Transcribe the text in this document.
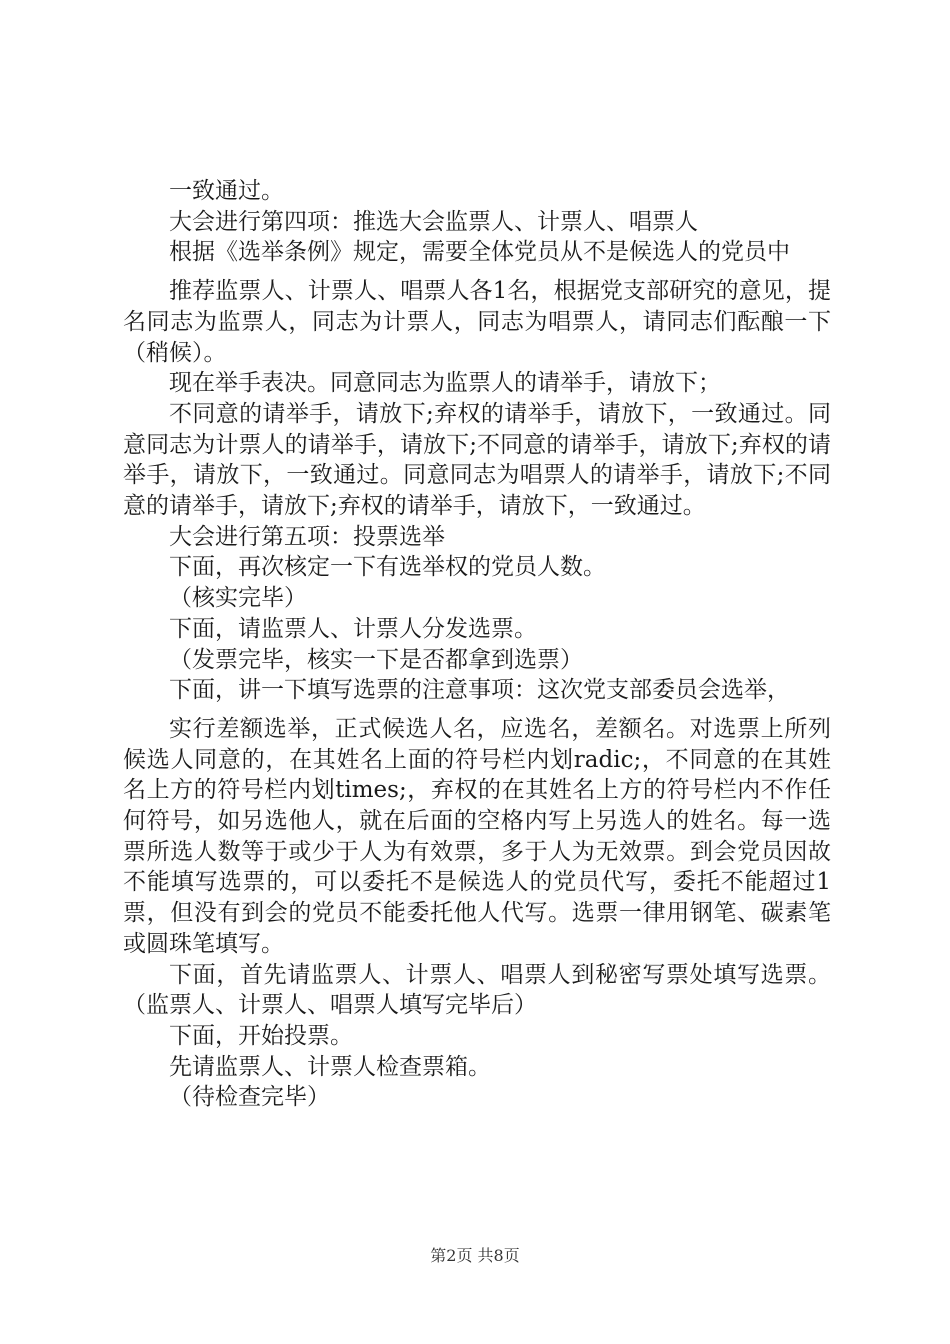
一致通过。

大会进行第四项：推选大会监票人、计票人、唱票人

根据《选举条例》规定，需要全体党员从不是候选人的党员中

推荐监票人、计票人、唱票人各1名，根据党支部研究的意见，提名同志为监票人，同志为计票人，同志为唱票人，请同志们酝酿一下（稍候）。

现在举手表决。同意同志为监票人的请举手，请放下；

不同意的请举手，请放下;弃权的请举手，请放下，一致通过。同意同志为计票人的请举手，请放下;不同意的请举手，请放下;弃权的请举手，请放下，一致通过。同意同志为唱票人的请举手，请放下;不同意的请举手，请放下;弃权的请举手，请放下，一致通过。

大会进行第五项：投票选举

下面，再次核定一下有选举权的党员人数。

（核实完毕）

下面，请监票人、计票人分发选票。

（发票完毕，核实一下是否都拿到选票）

下面，讲一下填写选票的注意事项：这次党支部委员会选举，

实行差额选举，正式候选人名，应选名，差额名。对选票上所列候选人同意的，在其姓名上面的符号栏内划radic;，不同意的在其姓名上方的符号栏内划times;，弃权的在其姓名上方的符号栏内不作任何符号，如另选他人，就在后面的空格内写上另选人的姓名。每一选票所选人数等于或少于人为有效票，多于人为无效票。到会党员因故不能填写选票的，可以委托不是候选人的党员代写，委托不能超过1票，但没有到会的党员不能委托他人代写。选票一律用钢笔、碳素笔或圆珠笔填写。

下面，首先请监票人、计票人、唱票人到秘密写票处填写选票。（监票人、计票人、唱票人填写完毕后）

下面，开始投票。

先请监票人、计票人检查票箱。

（待检查完毕）

第2页 共8页
